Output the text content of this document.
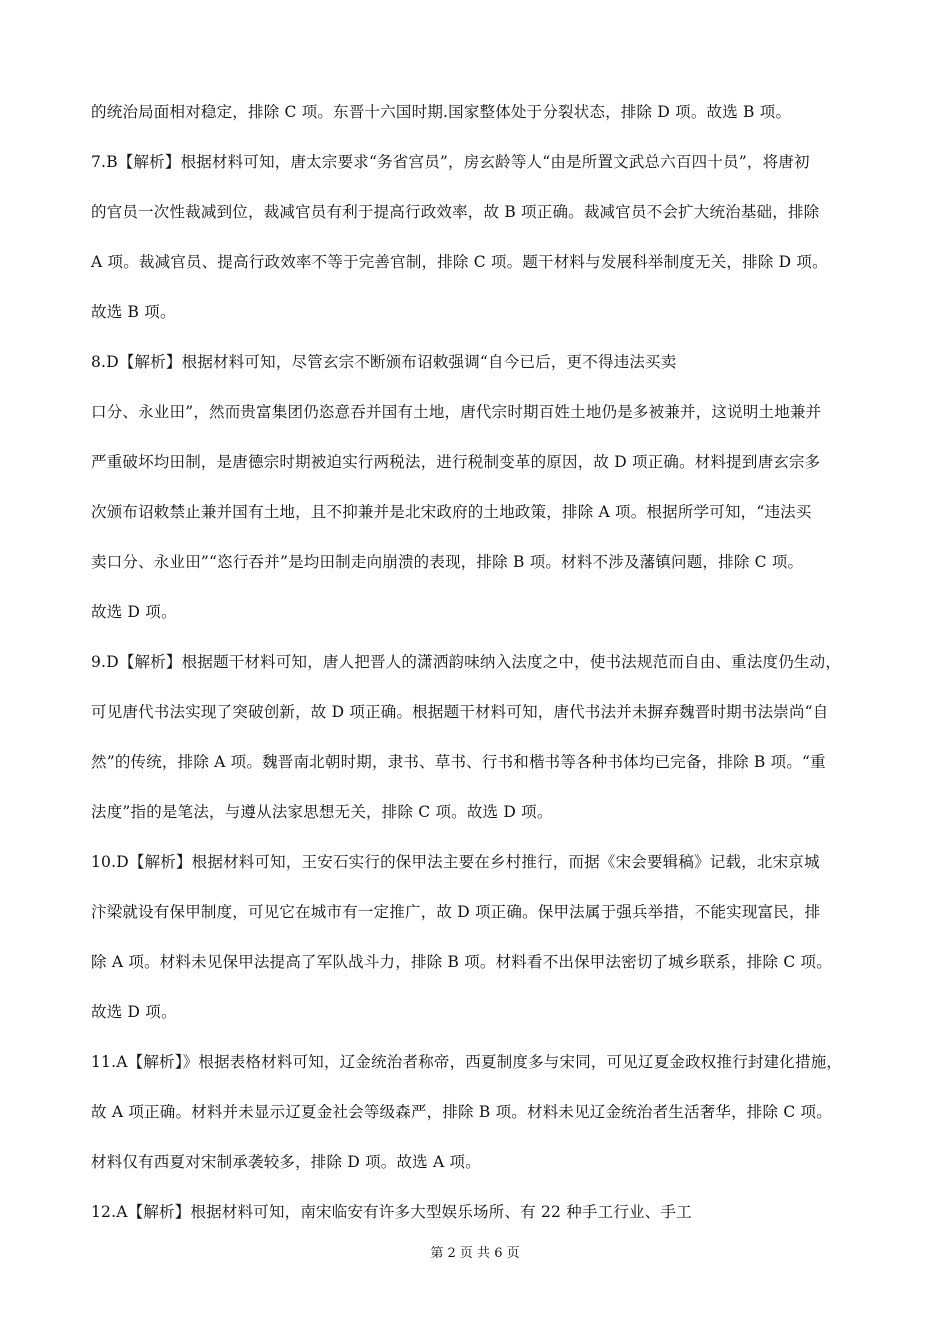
的统治局面相对稳定，排除 C 项。东晋十六国时期.国家整体处于分裂状态，排除 D 项。故选 B 项。
7.B【解析】根据材料可知，唐太宗要求“务省宫员”，房玄龄等人“由是所置文武总六百四十员”，将唐初
的官员一次性裁减到位，裁减官员有利于提高行政效率，故 B 项正确。裁减官员不会扩大统治基础，排除
A 项。裁减官员、提高行政效率不等于完善官制，排除 C 项。题干材料与发展科举制度无关，排除 D 项。
故选 B 项。
8.D【解析】根据材料可知，尽管玄宗不断颁布诏敕强调“自今已后，更不得违法买卖
口分、永业田”，然而贵富集团仍恣意吞并国有土地，唐代宗时期百姓土地仍是多被兼并，这说明土地兼并
严重破坏均田制，是唐德宗时期被迫实行两税法，进行税制变革的原因，故 D 项正确。材料提到唐玄宗多
次颁布诏敕禁止兼并国有土地，且不抑兼并是北宋政府的土地政策，排除 A 项。根据所学可知，“违法买
卖口分、永业田”“恣行吞并”是均田制走向崩溃的表现，排除 B 项。材料不涉及藩镇问题，排除 C 项。
故选 D 项。
9.D【解析】根据题干材料可知，唐人把晋人的潇洒韵味纳入法度之中，使书法规范而自由、重法度仍生动，
可见唐代书法实现了突破创新，故 D 项正确。根据题干材料可知，唐代书法并未摒弃魏晋时期书法崇尚“自
然”的传统，排除 A 项。魏晋南北朝时期，隶书、草书、行书和楷书等各种书体均已完备，排除 B 项。“重
法度”指的是笔法，与遵从法家思想无关，排除 C 项。故选 D 项。
10.D【解析】根据材料可知，王安石实行的保甲法主要在乡村推行，而据《宋会要辑稿》记载，北宋京城
汴梁就设有保甲制度，可见它在城市有一定推广，故 D 项正确。保甲法属于强兵举措，不能实现富民，排
除 A 项。材料未见保甲法提高了军队战斗力，排除 B 项。材料看不出保甲法密切了城乡联系，排除 C 项。
故选 D 项。
11.A【解析】》根据表格材料可知，辽金统治者称帝，西夏制度多与宋同，可见辽夏金政权推行封建化措施，
故 A 项正确。材料并未显示辽夏金社会等级森严，排除 B 项。材料未见辽金统治者生活奢华，排除 C 项。
材料仅有西夏对宋制承袭较多，排除 D 项。故选 A 项。
12.A【解析】根据材料可知，南宋临安有许多大型娱乐场所、有 22 种手工行业、手工
第 2 页 共 6 页
